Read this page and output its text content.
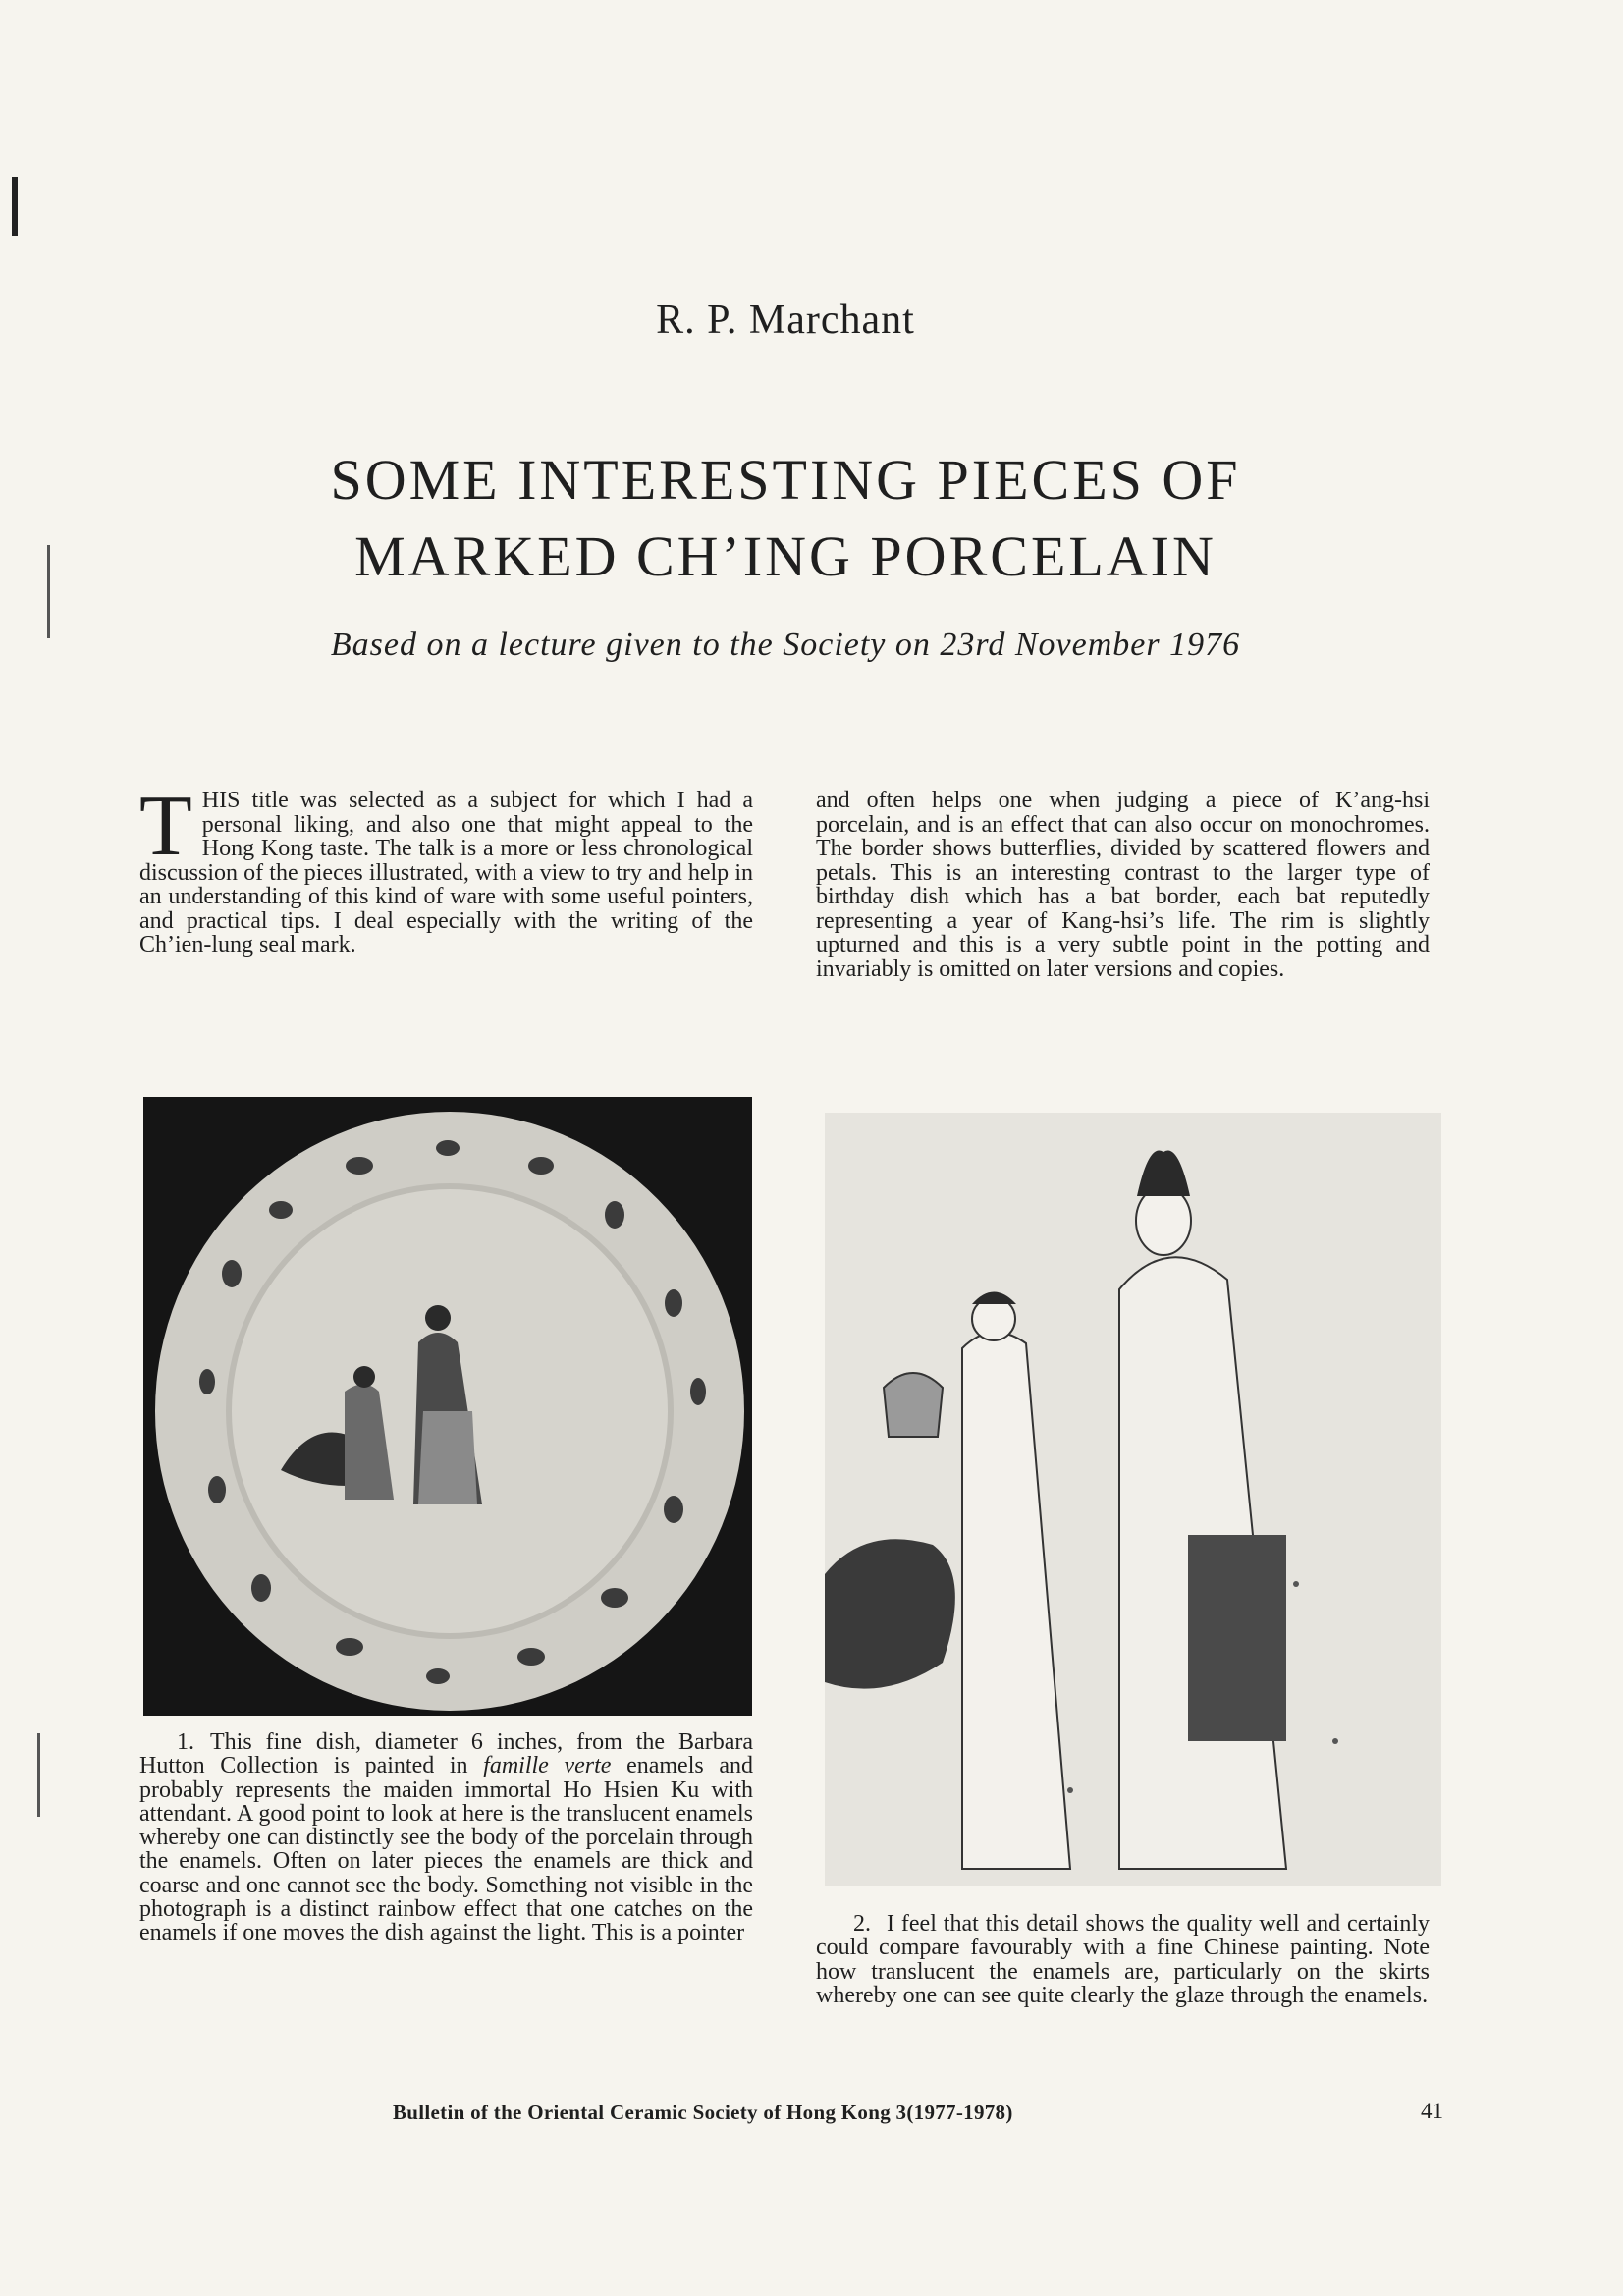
R. P. Marchant
SOME INTERESTING PIECES OF
MARKED CH’ING PORCELAIN
Based on a lecture given to the Society on 23rd November 1976
THIS title was selected as a subject for which I had a personal liking, and also one that might appeal to the Hong Kong taste. The talk is a more or less chronological discussion of the pieces illustrated, with a view to try and help in an understanding of this kind of ware with some useful pointers, and practical tips. I deal especially with the writing of the Ch’ien-lung seal mark.
and often helps one when judging a piece of K’ang-hsi porcelain, and is an effect that can also occur on monochromes. The border shows butterflies, divided by scattered flowers and petals. This is an interesting contrast to the larger type of birthday dish which has a bat border, each bat reputedly representing a year of Kang-hsi’s life. The rim is slightly upturned and this is a very subtle point in the potting and invariably is omitted on later versions and copies.
1. This fine dish, diameter 6 inches, from the Barbara Hutton Collection is painted in famille verte enamels and probably represents the maiden immortal Ho Hsien Ku with attendant. A good point to look at here is the translucent enamels whereby one can distinctly see the body of the porcelain through the enamels. Often on later pieces the enamels are thick and coarse and one cannot see the body. Something not visible in the photograph is a distinct rainbow effect that one catches on the enamels if one moves the dish against the light. This is a pointer	2. I feel that this detail shows the quality well and certainly could compare favourably with a fine Chinese painting. Note how translucent the enamels are, particularly on the skirts whereby one can see quite clearly the glaze through the enamels.
Bulletin of the Oriental Ceramic Society of Hong Kong 3(1977-1978)	41
